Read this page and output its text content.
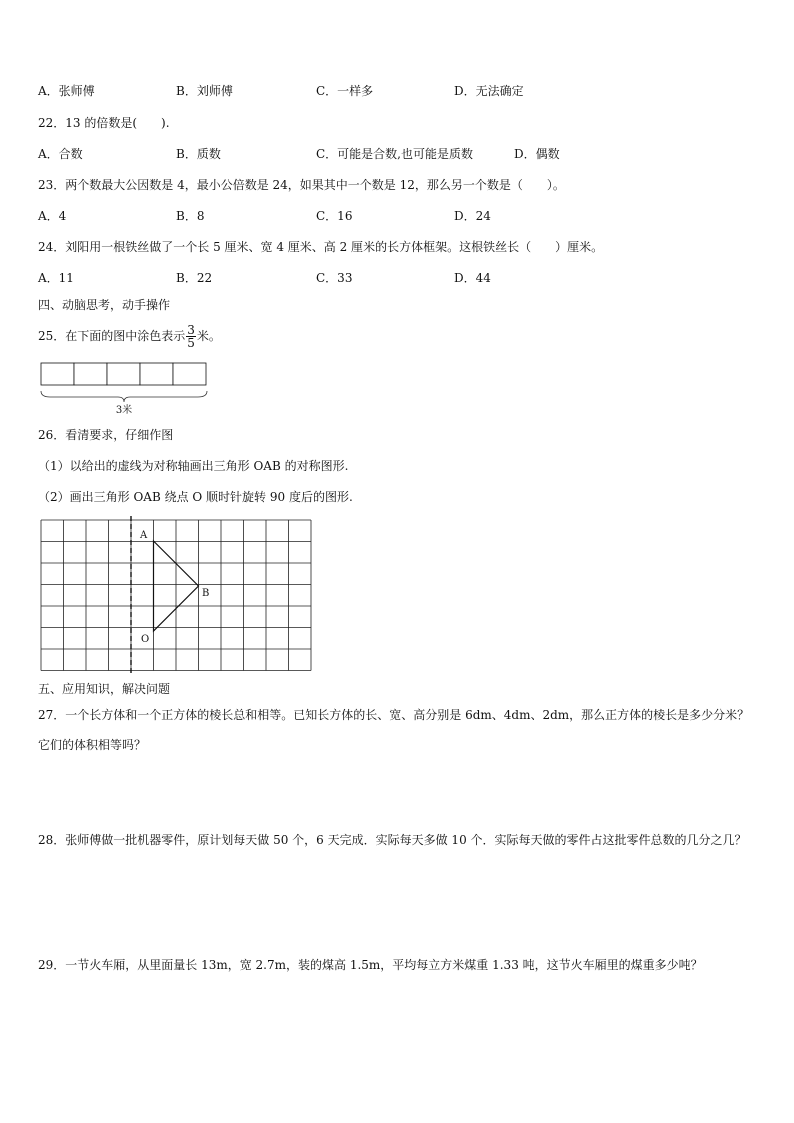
A．张师傅	B．刘师傅	C．一样多	D．无法确定
22．13 的倍数是(　　).
A．合数	B．质数	C．可能是合数,也可能是质数	D．偶数
23．两个数最大公因数是 4，最小公倍数是 24，如果其中一个数是 12，那么另一个数是（　　）。
A．4	B．8	C．16	D．24
24．刘阳用一根铁丝做了一个长 5 厘米、宽 4 厘米、高 2 厘米的长方体框架。这根铁丝长（　　）厘米。
A．11	B．22	C．33	D．44
四、动脑思考，动手操作
25．在下面的图中涂色表示 $\frac{3}{5}$ 米。
3米
26．看清要求，仔细作图
（1）以给出的虚线为对称轴画出三角形 OAB 的对称图形.
（2）画出三角形 OAB 绕点 O 顺时针旋转 90 度后的图形.
A
B
O
五、应用知识，解决问题
27．一个长方体和一个正方体的棱长总和相等。已知长方体的长、宽、高分别是 6dm、4dm、2dm，那么正方体的棱长是多少分米？它们的体积相等吗？
28．张师傅做一批机器零件，原计划每天做 50 个，6 天完成．实际每天多做 10 个．实际每天做的零件占这批零件总数的几分之几？
29．一节火车厢，从里面量长 13m，宽 2.7m，装的煤高 1.5m，平均每立方米煤重 1.33 吨，这节火车厢里的煤重多少吨？
